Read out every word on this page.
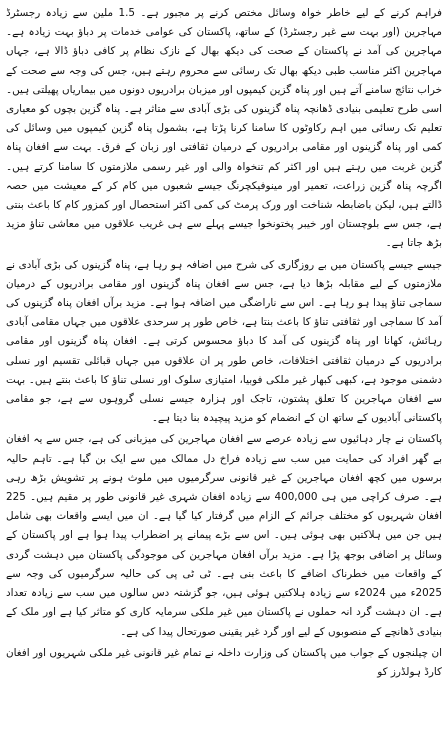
فراہم کرنے کے لیے خاطر خواہ وسائل مختص کرنے پر مجبور ہے۔ 1.5 ملین سے زیادہ رجسٹرڈ مہاجرین (اور بہت سے غیر رجسٹرڈ) کے ساتھ، پاکستان کی عوامی خدمات پر دباؤ بہت زیادہ ہے۔ مہاجرین کی آمد نے پاکستان کے صحت کی دیکھ بھال کے نازک نظام پر کافی دباؤ ڈالا ہے، جہاں مہاجرین اکثر مناسب طبی دیکھ بھال تک رسائی سے محروم رہتے ہیں، جس کی وجہ سے صحت کے خراب نتائج سامنے آتے ہیں اور پناہ گزین کیمپوں اور میزبان برادریوں دونوں میں بیماریاں پھیلتی ہیں۔ اسی طرح تعلیمی بنیادی ڈھانچہ پناہ گزینوں کی بڑی آبادی سے متاثر ہے۔ پناہ گزین بچوں کو معیاری تعلیم تک رسائی میں اہم رکاوٹوں کا سامنا کرنا پڑتا ہے، بشمول پناہ گزین کیمپوں میں وسائل کی کمی اور پناہ گزینوں اور مقامی برادریوں کے درمیان ثقافتی اور زبان کے فرق۔ بہت سے افغان پناہ گزین غربت میں رہتے ہیں اور اکثر کم تنخواہ والی اور غیر رسمی ملازمتوں کا سامنا کرتے ہیں۔ اگرچہ پناہ گزین زراعت، تعمیر اور مینوفیکچرنگ جیسے شعبوں میں کام کر کے معیشت میں حصہ ڈالتے ہیں، لیکن باضابطہ شناخت اور ورک پرمٹ کی کمی اکثر استحصال اور کمزور کام کا باعث بنتی ہے، جس سے بلوچستان اور خیبر پختونخوا جیسے پہلے سے ہی غریب علاقوں میں معاشی تناؤ مزید بڑھ جاتا ہے۔

جیسے جیسے پاکستان میں بے روزگاری کی شرح میں اضافہ ہو رہا ہے، پناہ گزینوں کی بڑی آبادی نے ملازمتوں کے لیے مقابلہ بڑھا دیا ہے، جس سے افغان پناہ گزینوں اور مقامی برادریوں کے درمیان سماجی تناؤ پیدا ہو رہا ہے۔ اس سے ناراضگی میں اضافہ ہوا ہے۔ مزید برآں افغان پناہ گزینوں کی آمد کا سماجی اور ثقافتی تناؤ کا باعث بنتا ہے، خاص طور پر سرحدی علاقوں میں جہاں مقامی آبادی رہائش، کھانا اور پناہ گزینوں کی آمد کا دباؤ محسوس کرتی ہے۔ افغان پناہ گزینوں اور مقامی برادریوں کے درمیان ثقافتی اختلافات، خاص طور پر ان علاقوں میں جہاں قبائلی تقسیم اور نسلی دشمنی موجود ہے، کبھی کبھار غیر ملکی فوبیا، امتیازی سلوک اور نسلی تناؤ کا باعث بنتے ہیں۔ بہت سے افغان مہاجرین کا تعلق پشتون، تاجک اور ہزارہ جیسے نسلی گروہوں سے ہے، جو مقامی پاکستانی آبادیوں کے ساتھ ان کے انضمام کو مزید پیچیدہ بنا دیتا ہے۔

پاکستان نے چار دہائیوں سے زیادہ عرصے سے افغان مہاجرین کی میزبانی کی ہے، جس سے یہ افغان بے گھر افراد کی حمایت میں سب سے زیادہ فراخ دل ممالک میں سے ایک بن گیا ہے۔ تاہم حالیہ برسوں میں کچھ افغان مہاجرین کے غیر قانونی سرگرمیوں میں ملوث ہونے پر تشویش بڑھ رہی ہے۔ صرف کراچی میں ہی 400,000 سے زیادہ افغان شہری غیر قانونی طور پر مقیم ہیں۔ 225 افغان شہریوں کو مختلف جرائم کے الزام میں گرفتار کیا گیا ہے۔ ان میں ایسے واقعات بھی شامل ہیں جن میں ہلاکتیں بھی ہوئی ہیں۔ اس سے بڑے پیمانے پر اضطراب پیدا ہوا ہے اور پاکستان کے وسائل پر اضافی بوجھ پڑا ہے۔ مزید برآں افغان مہاجرین کی موجودگی پاکستان میں دہشت گردی کے واقعات میں خطرناک اضافے کا باعث بنی ہے۔ ٹی ٹی پی کی حالیہ سرگرمیوں کی وجہ سے 2025ء میں 2024ء سے زیادہ ہلاکتیں ہوئی ہیں، جو گزشتہ دس سالوں میں سب سے زیادہ تعداد ہے۔ ان دہشت گرد انہ حملوں نے پاکستان میں غیر ملکی سرمایہ کاری کو متاثر کیا ہے اور ملک کے بنیادی ڈھانچے کے منصوبوں کے لیے اور گرد غیر یقینی صورتحال پیدا کی ہے۔

ان چیلنجوں کے جواب میں پاکستان کی وزارت داخلہ نے تمام غیر قانونی غیر ملکی شہریوں اور افغان کارڈ ہولڈرز کو
